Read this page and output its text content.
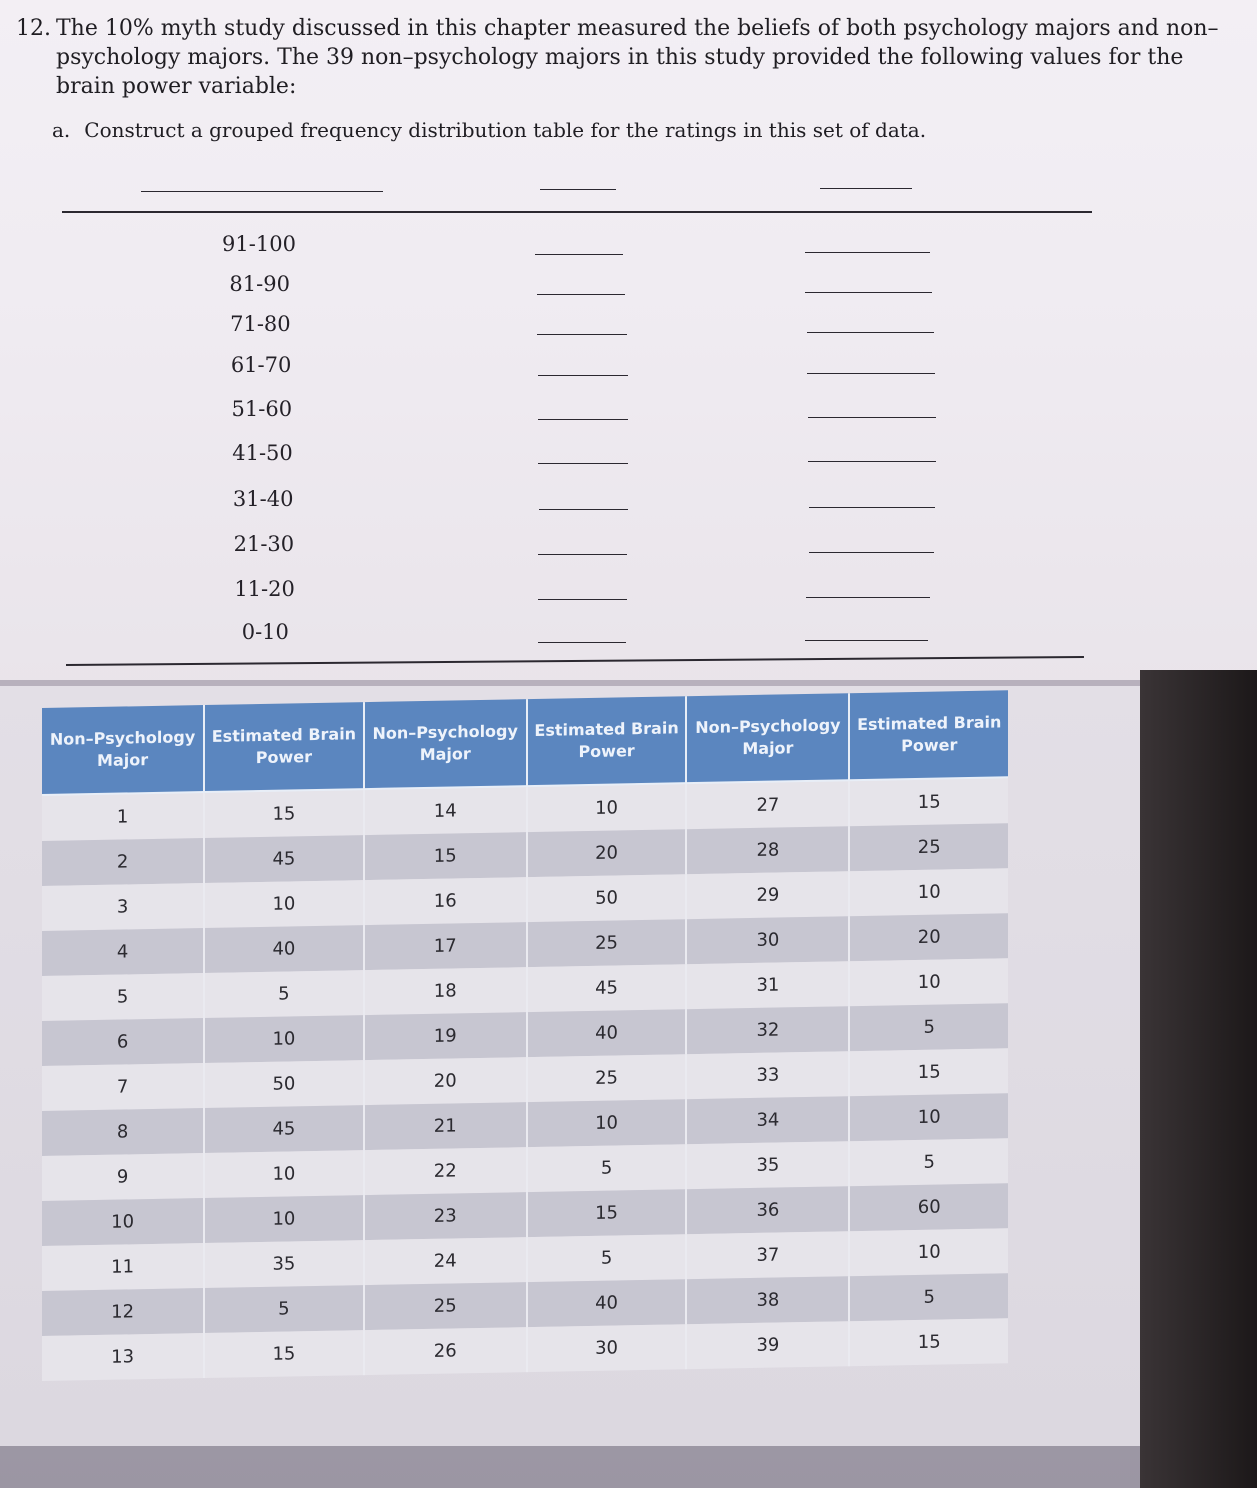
12. The 10% myth study discussed in this chapter measured the beliefs of both psychology majors and non–psychology majors. The 39 non–psychology majors in this study provided the following values for the brain power variable:
a. Construct a grouped frequency distribution table for the ratings in this set of data.
91-100
81-90
71-80
61-70
51-60
41-50
31-40
21-30
11-20
0-10
Non–Psychology Major	Estimated Brain Power	Non–Psychology Major	Estimated Brain Power	Non–Psychology Major	Estimated Brain Power
1	15	14	10	27	15
2	45	15	20	28	25
3	10	16	50	29	10
4	40	17	25	30	20
5	5	18	45	31	10
6	10	19	40	32	5
7	50	20	25	33	15
8	45	21	10	34	10
9	10	22	5	35	5
10	10	23	15	36	60
11	35	24	5	37	10
12	5	25	40	38	5
13	15	26	30	39	15
